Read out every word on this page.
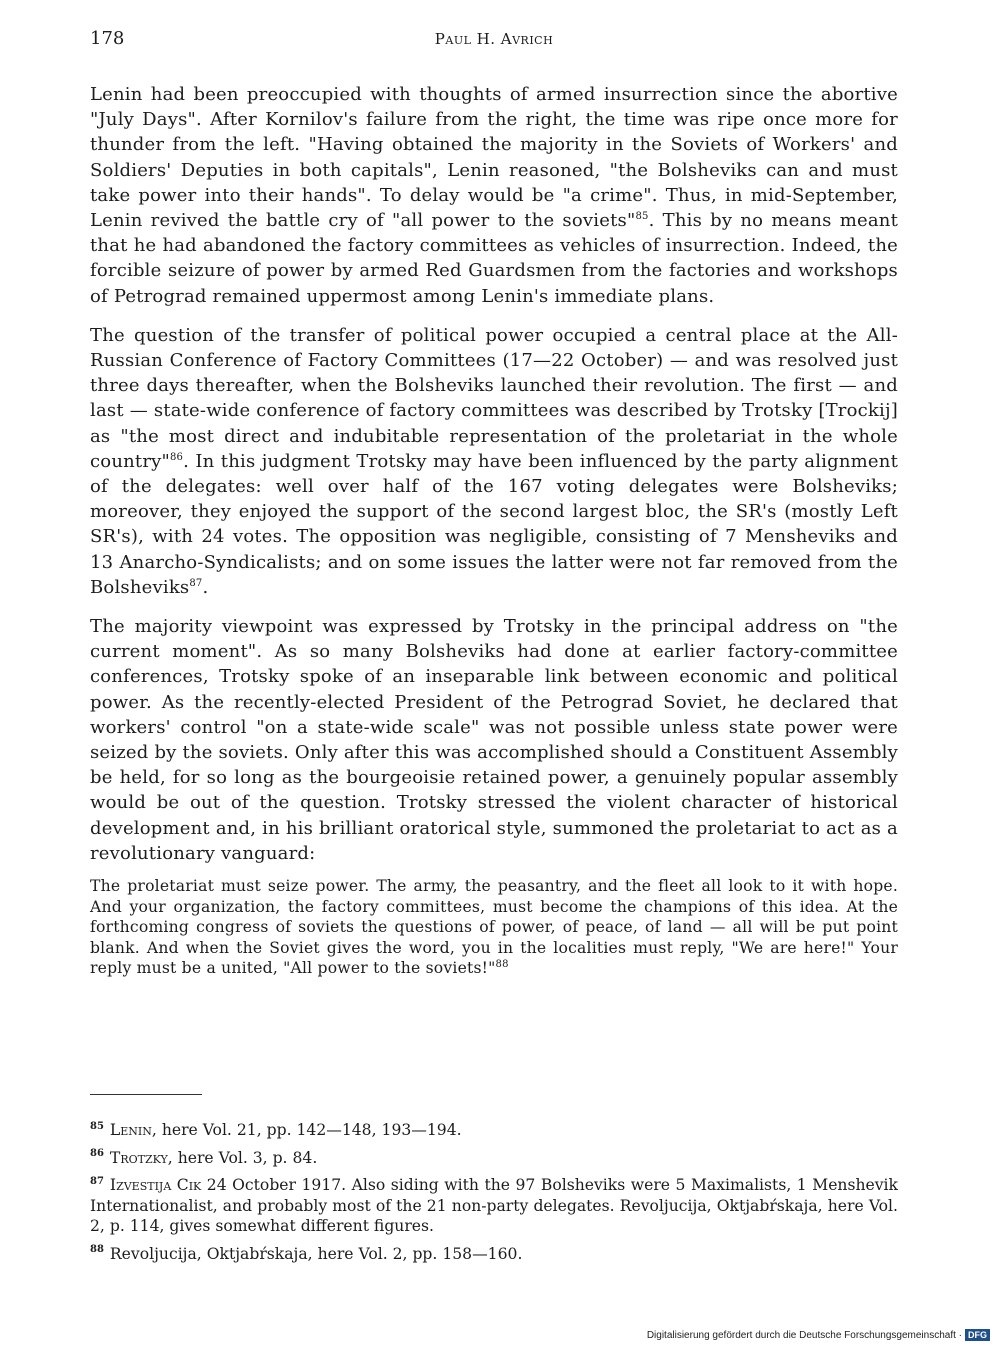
178	Paul H. Avrich

Lenin had been preoccupied with thoughts of armed insurrection since the abortive "July Days". After Kornilov's failure from the right, the time was ripe once more for thunder from the left. "Having obtained the majority in the Soviets of Workers' and Soldiers' Deputies in both capitals", Lenin reasoned, "the Bolsheviks can and must take power into their hands". To delay would be "a crime". Thus, in mid-September, Lenin revived the battle cry of "all power to the soviets"$^{85}$. This by no means meant that he had abandoned the factory committees as vehicles of insurrection. Indeed, the forcible seizure of power by armed Red Guardsmen from the factories and workshops of Petrograd remained uppermost among Lenin's immediate plans.

The question of the transfer of political power occupied a central place at the All-Russian Conference of Factory Committees (17—22 October) — and was resolved just three days thereafter, when the Bolsheviks launched their revolution. The first — and last — state-wide conference of factory committees was described by Trotsky [Trockij] as "the most direct and indubitable representation of the proletariat in the whole country"$^{86}$. In this judgment Trotsky may have been influenced by the party alignment of the delegates: well over half of the 167 voting delegates were Bolsheviks; moreover, they enjoyed the support of the second largest bloc, the SR's (mostly Left SR's), with 24 votes. The opposition was negligible, consisting of 7 Mensheviks and 13 Anarcho-Syndicalists; and on some issues the latter were not far removed from the Bolsheviks$^{87}$.

The majority viewpoint was expressed by Trotsky in the principal address on "the current moment". As so many Bolsheviks had done at earlier factory-committee conferences, Trotsky spoke of an inseparable link between economic and political power. As the recently-elected President of the Petrograd Soviet, he declared that workers' control "on a state-wide scale" was not possible unless state power were seized by the soviets. Only after this was accomplished should a Constituent Assembly be held, for so long as the bourgeoisie retained power, a genuinely popular assembly would be out of the question. Trotsky stressed the violent character of historical development and, in his brilliant oratorical style, summoned the proletariat to act as a revolutionary vanguard:

The proletariat must seize power. The army, the peasantry, and the fleet all look to it with hope. And your organization, the factory committees, must become the champions of this idea. At the forthcoming congress of soviets the questions of power, of peace, of land — all will be put point blank. And when the Soviet gives the word, you in the localities must reply, "We are here!" Your reply must be a united, "All power to the soviets!"$^{88}$

$^{85}$ Lenin, here Vol. 21, pp. 142—148, 193—194.

$^{86}$ Trotzky, here Vol. 3, p. 84.

$^{87}$ Izvestija Cik 24 October 1917. Also siding with the 97 Bolsheviks were 5 Maximalists, 1 Menshevik Internationalist, and probably most of the 21 non-party delegates. Revoljucija, Oktjabŕskaja, here Vol. 2, p. 114, gives somewhat different figures.

$^{88}$ Revoljucija, Oktjabŕskaja, here Vol. 2, pp. 158—160.

Digitalisierung gefördert durch die Deutsche Forschungsgemeinschaft · DFG
